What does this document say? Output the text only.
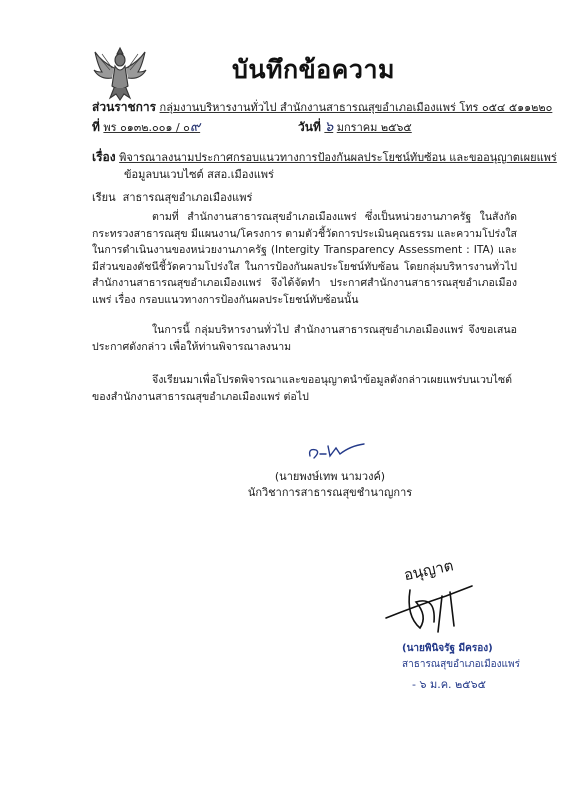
บันทึกข้อความ
ส่วนราชการ กลุ่มงานบริหารงานทั่วไป สำนักงานสาธารณสุขอำเภอเมืองแพร่ โทร ๐๕๔ ๕๑๑๒๒๐
ที่ พร ๐๑๓๒.๐๐๑ / ๐๙	วันที่ ๖ มกราคม ๒๕๖๕
เรื่อง พิจารณาลงนามประกาศกรอบแนวทางการป้องกันผลประโยชน์ทับซ้อน และขออนุญาตเผยแพร่
ข้อมูลบนเวบไซต์ สสอ.เมืองแพร่
เรียน สาธารณสุขอำเภอเมืองแพร่
ตามที่ สำนักงานสาธารณสุขอำเภอเมืองแพร่ ซึ่งเป็นหน่วยงานภาครัฐ ในสังกัดกระทรวงสาธารณสุข มีแผนงาน/โครงการ ตามตัวชี้วัดการประเมินคุณธรรม และความโปร่งใส ในการดำเนินงานของหน่วยงานภาครัฐ (Intergity Transparency Assessment : ITA) และมีส่วนของดัชนีชี้วัดความโปร่งใส ในการป้องกันผลประโยชน์ทับซ้อน โดยกลุ่มบริหารงานทั่วไป สำนักงานสาธารณสุขอำเภอเมืองแพร่ จึงได้จัดทำ ประกาศสำนักงานสาธารณสุขอำเภอเมืองแพร่ เรื่อง กรอบแนวทางการป้องกันผลประโยชน์ทับซ้อนนั้น
ในการนี้ กลุ่มบริหารงานทั่วไป สำนักงานสาธารณสุขอำเภอเมืองแพร่ จึงขอเสนอประกาศดังกล่าว เพื่อให้ท่านพิจารณาลงนาม
จึงเรียนมาเพื่อโปรดพิจารณาและขออนุญาตนำข้อมูลดังกล่าวเผยแพร่บนเวบไซต์ของสำนักงานสาธารณสุขอำเภอเมืองแพร่ ต่อไป
(นายพงษ์เทพ นามวงค์)
นักวิชาการสาธารณสุขชำนาญการ
อนุญาต
(นายพินิจรัฐ มีครอง)
สาธารณสุขอำเภอเมืองแพร่
- ๖ ม.ค. ๒๕๖๕
